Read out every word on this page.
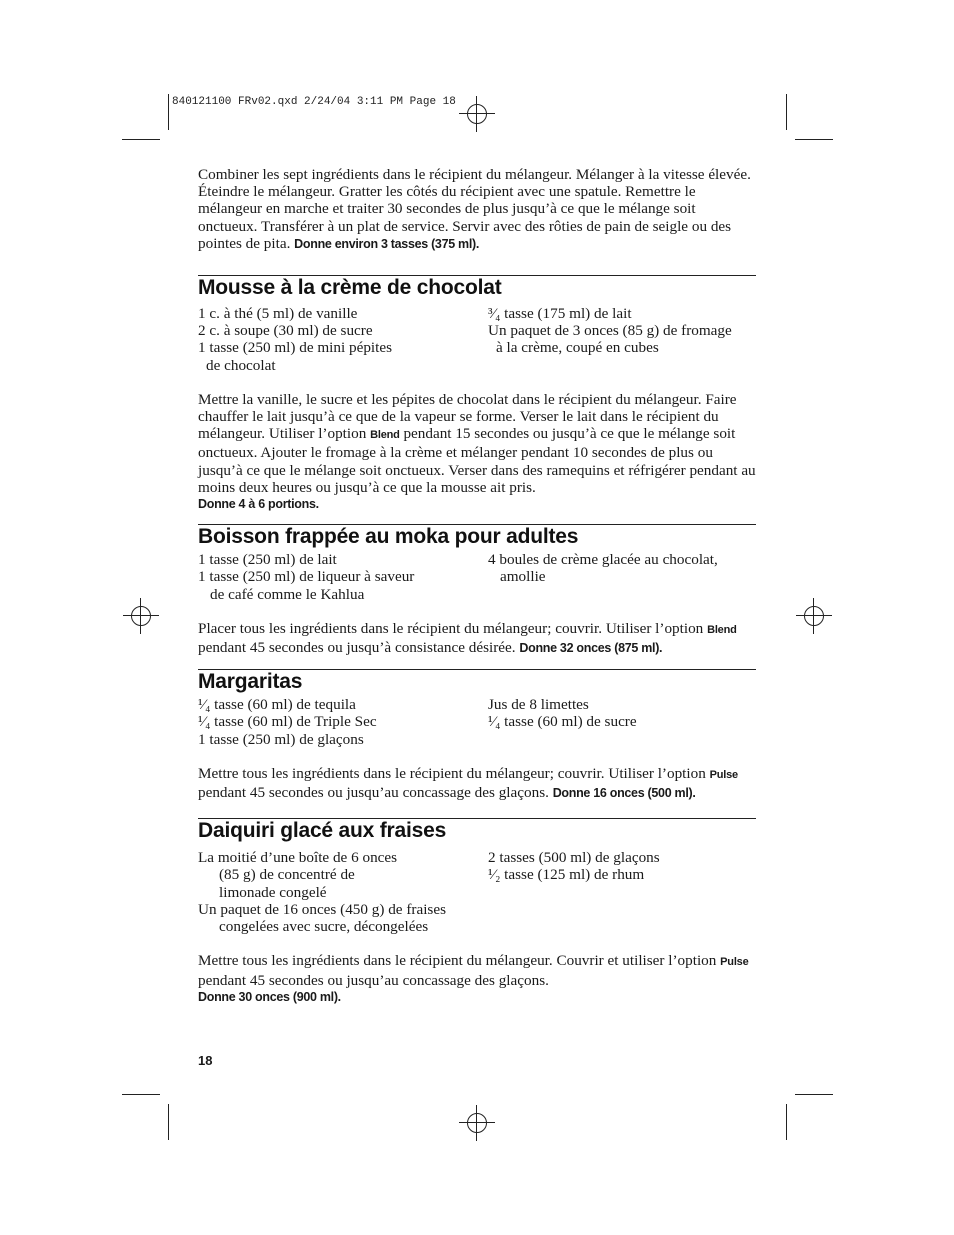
840121100 FRv02.qxd 2/24/04 3:11 PM Page 18

Combiner les sept ingrédients dans le récipient du mélangeur. Mélanger à la vitesse élevée. Éteindre le mélangeur. Gratter les côtés du récipient avec une spatule. Remettre le mélangeur en marche et traiter 30 secondes de plus jusqu’à ce que le mélange soit onctueux. Transférer à un plat de service. Servir avec des rôties de pain de seigle ou des pointes de pita. Donne environ 3 tasses (375 ml).

Mousse à la crème de chocolat
1 c. à thé (5 ml) de vanille
2 c. à soupe (30 ml) de sucre
1 tasse (250 ml) de mini pépites
de chocolat
³⁄₄ tasse (175 ml) de lait
Un paquet de 3 onces (85 g) de fromage
à la crème, coupé en cubes

Mettre la vanille, le sucre et les pépites de chocolat dans le récipient du mélangeur. Faire chauffer le lait jusqu’à ce que de la vapeur se forme. Verser le lait dans le récipient du mélangeur. Utiliser l’option Blend pendant 15 secondes ou jusqu’à ce que le mélange soit onctueux. Ajouter le fromage à la crème et mélanger pendant 10 secondes de plus ou jusqu’à ce que le mélange soit onctueux. Verser dans des ramequins et réfrigérer pendant au moins deux heures ou jusqu’à ce que la mousse ait pris.
Donne 4 à 6 portions.

Boisson frappée au moka pour adultes
1 tasse (250 ml) de lait
1 tasse (250 ml) de liqueur à saveur
de café comme le Kahlua
4 boules de crème glacée au chocolat,
amollie

Placer tous les ingrédients dans le récipient du mélangeur; couvrir. Utiliser l’option Blend pendant 45 secondes ou jusqu’à consistance désirée. Donne 32 onces (875 ml).

Margaritas
¹⁄₄ tasse (60 ml) de tequila
¹⁄₄ tasse (60 ml) de Triple Sec
1 tasse (250 ml) de glaçons
Jus de 8 limettes
¹⁄₄ tasse (60 ml) de sucre

Mettre tous les ingrédients dans le récipient du mélangeur; couvrir. Utiliser l’option Pulse pendant 45 secondes ou jusqu’au concassage des glaçons. Donne 16 onces (500 ml).

Daiquiri glacé aux fraises
La moitié d’une boîte de 6 onces
(85 g) de concentré de
limonade congelé
Un paquet de 16 onces (450 g) de fraises
congelées avec sucre, décongelées
2 tasses (500 ml) de glaçons
¹⁄₂ tasse (125 ml) de rhum

Mettre tous les ingrédients dans le récipient du mélangeur. Couvrir et utiliser l’option Pulse pendant 45 secondes ou jusqu’au concassage des glaçons.
Donne 30 onces (900 ml).

18
